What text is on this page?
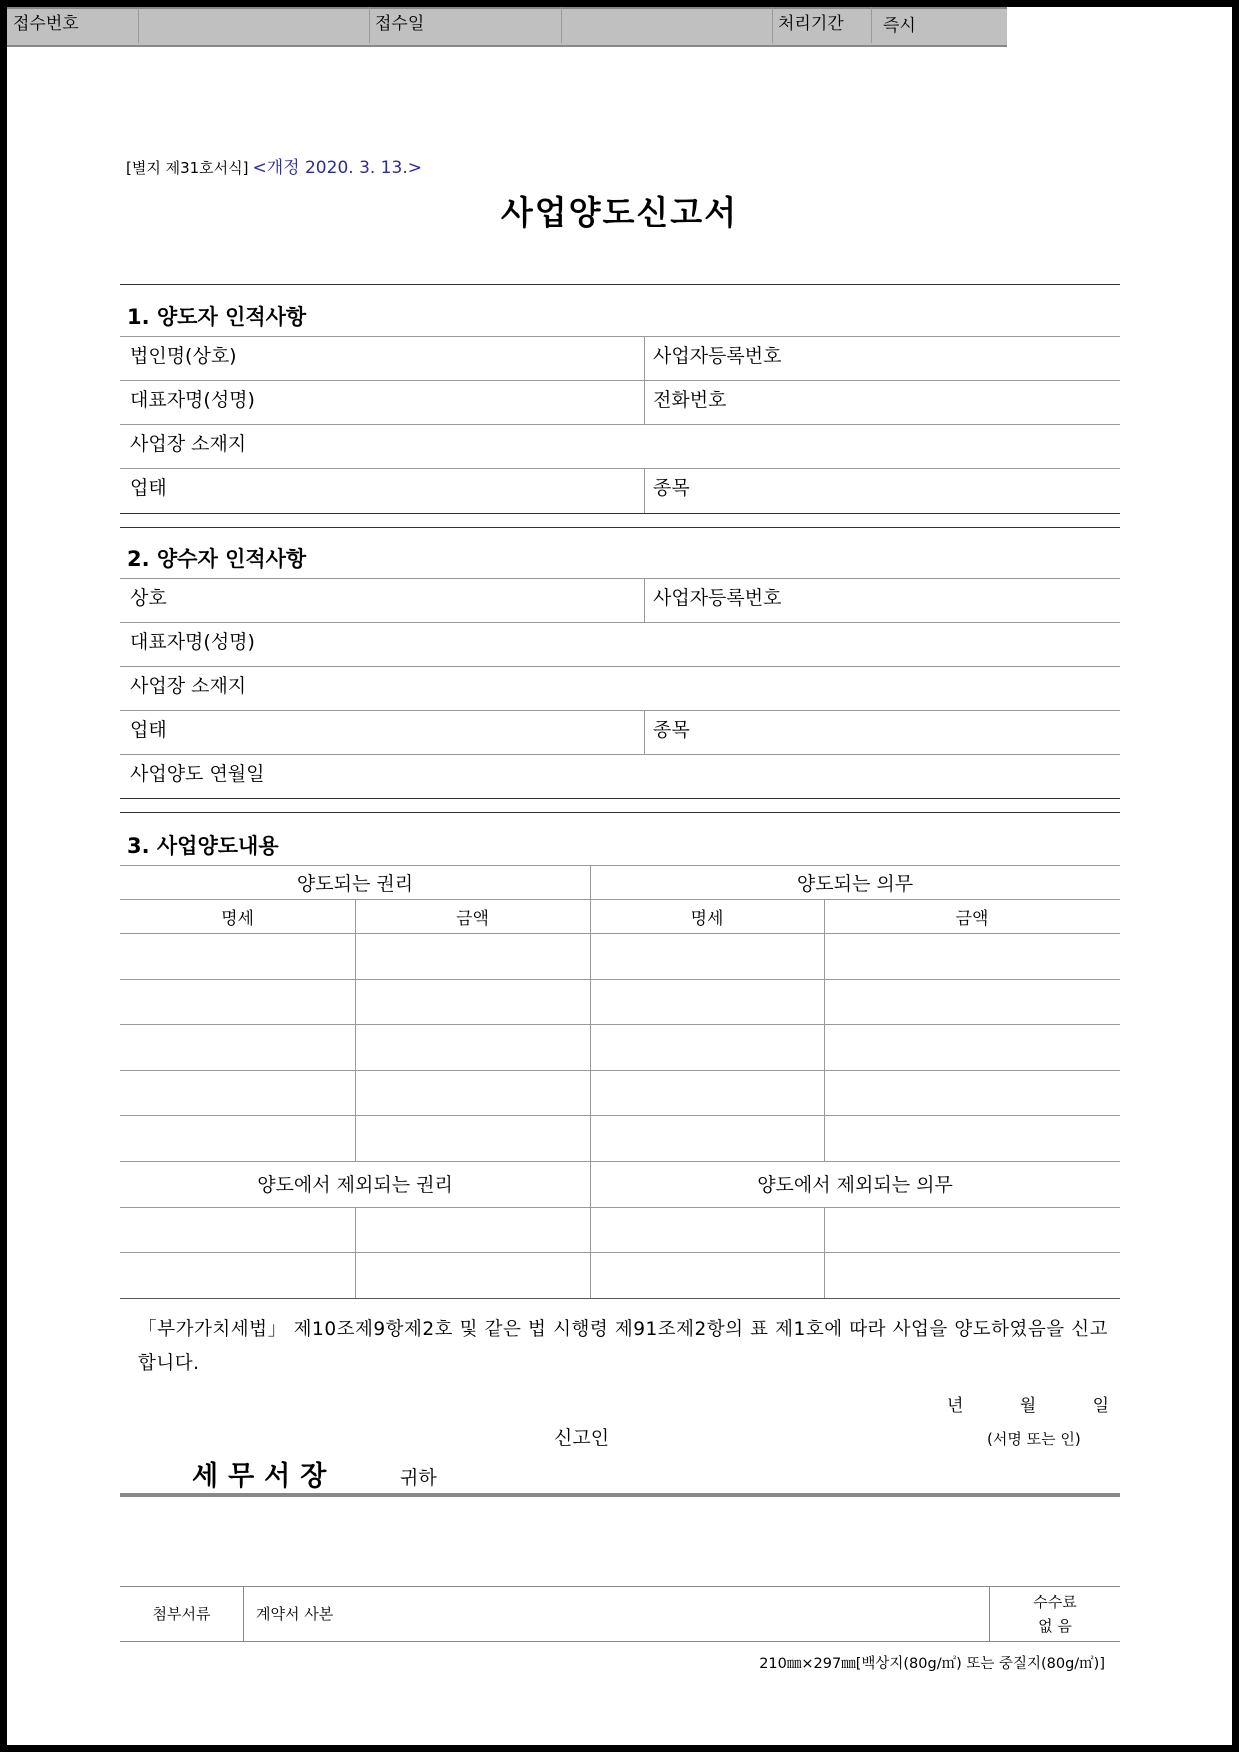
[별지 제31호서식] <개정 2020. 3. 13.>
사업양도신고서
접수번호	접수일	처리기간	즉시
1. 양도자 인적사항
법인명(상호)	사업자등록번호
대표자명(성명)	전화번호
사업장 소재지
업태	종목
2. 양수자 인적사항
상호	사업자등록번호
대표자명(성명)
사업장 소재지
업태	종목
사업양도 연월일
3. 사업양도내용
양도되는 권리	양도되는 의무
명세	금액	명세	금액
양도에서 제외되는 권리	양도에서 제외되는 의무
「부가가치세법」 제10조제9항제2호 및 같은 법 시행령 제91조제2항의 표 제1호에 따라 사업을 양도하였음을 신고합니다.
년	월	일
신고인	(서명 또는 인)
세무서장	귀하
첨부서류	계약서 사본
수수료
없 음
210㎜×297㎜[백상지(80g/㎡) 또는 중질지(80g/㎡)]
